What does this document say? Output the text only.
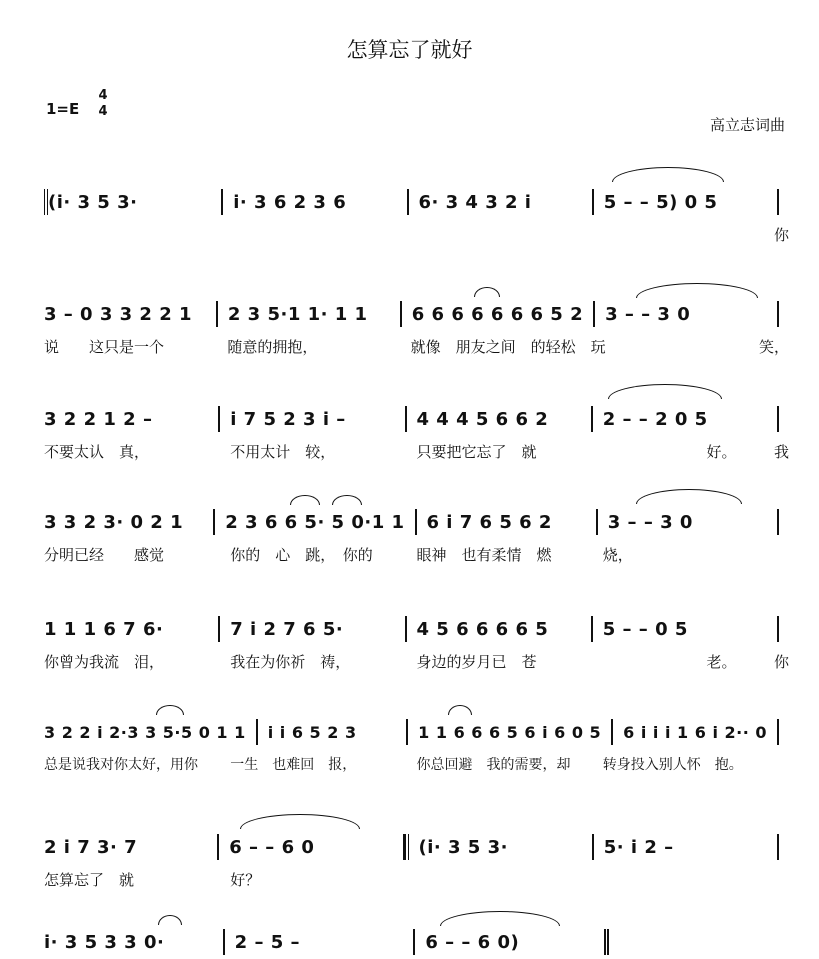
怎算忘了就好
1=E
4
4
高立志词曲
(i· 3 5 3·	i· 3 6 2 3 6	6· 3 4 3 2 i	5 – – 5) 0 5
你
3 – 0 3 3 2 2 1	2 3 5·1 1· 1 1	6 6 6 6 6 6 6 5 2	3 – – 3 0
说　　这只是一个	随意的拥抱，	就像　朋友之间　的轻松　玩	笑，
3 2 2 1 2 –	i 7 5 2 3 i –	4 4 4 5 6 6 2	2 – – 2 0 5
不要太认　真，	不用太计　较，	只要把它忘了　就	好。　　　我
3 3 2 3· 0 2 1	2 3 6 6 5· 5 0·1 1	6 i 7 6 5 6 2	3 – – 3 0
分明已经　　感觉	你的　心　跳，　你的	眼神　也有柔情　燃	烧，
1 1 1 6 7 6·	7 i 2 7 6 5·	4 5 6 6 6 6 5	5 – – 0 5
你曾为我流　泪，	我在为你祈　祷，	身边的岁月已　苍	老。　　　你
3 2 2 i 2·3 3 5·5 0 1 1	i i 6 5 2 3	1 1 6 6 6 5 6 i 6 0 5	6 i i i 1 6 i 2·· 0
总是说我对你太好，用你	一生　也难回　报，	你总回避　我的需要，却	转身投入别人怀　抱。
2 i 7 3· 7	6 – – 6 0	(i· 3 5 3·	5· i 2 –
怎算忘了　就	好？
i· 3 5 3 3 0·	2 – 5 –	6 – – 6 0)
